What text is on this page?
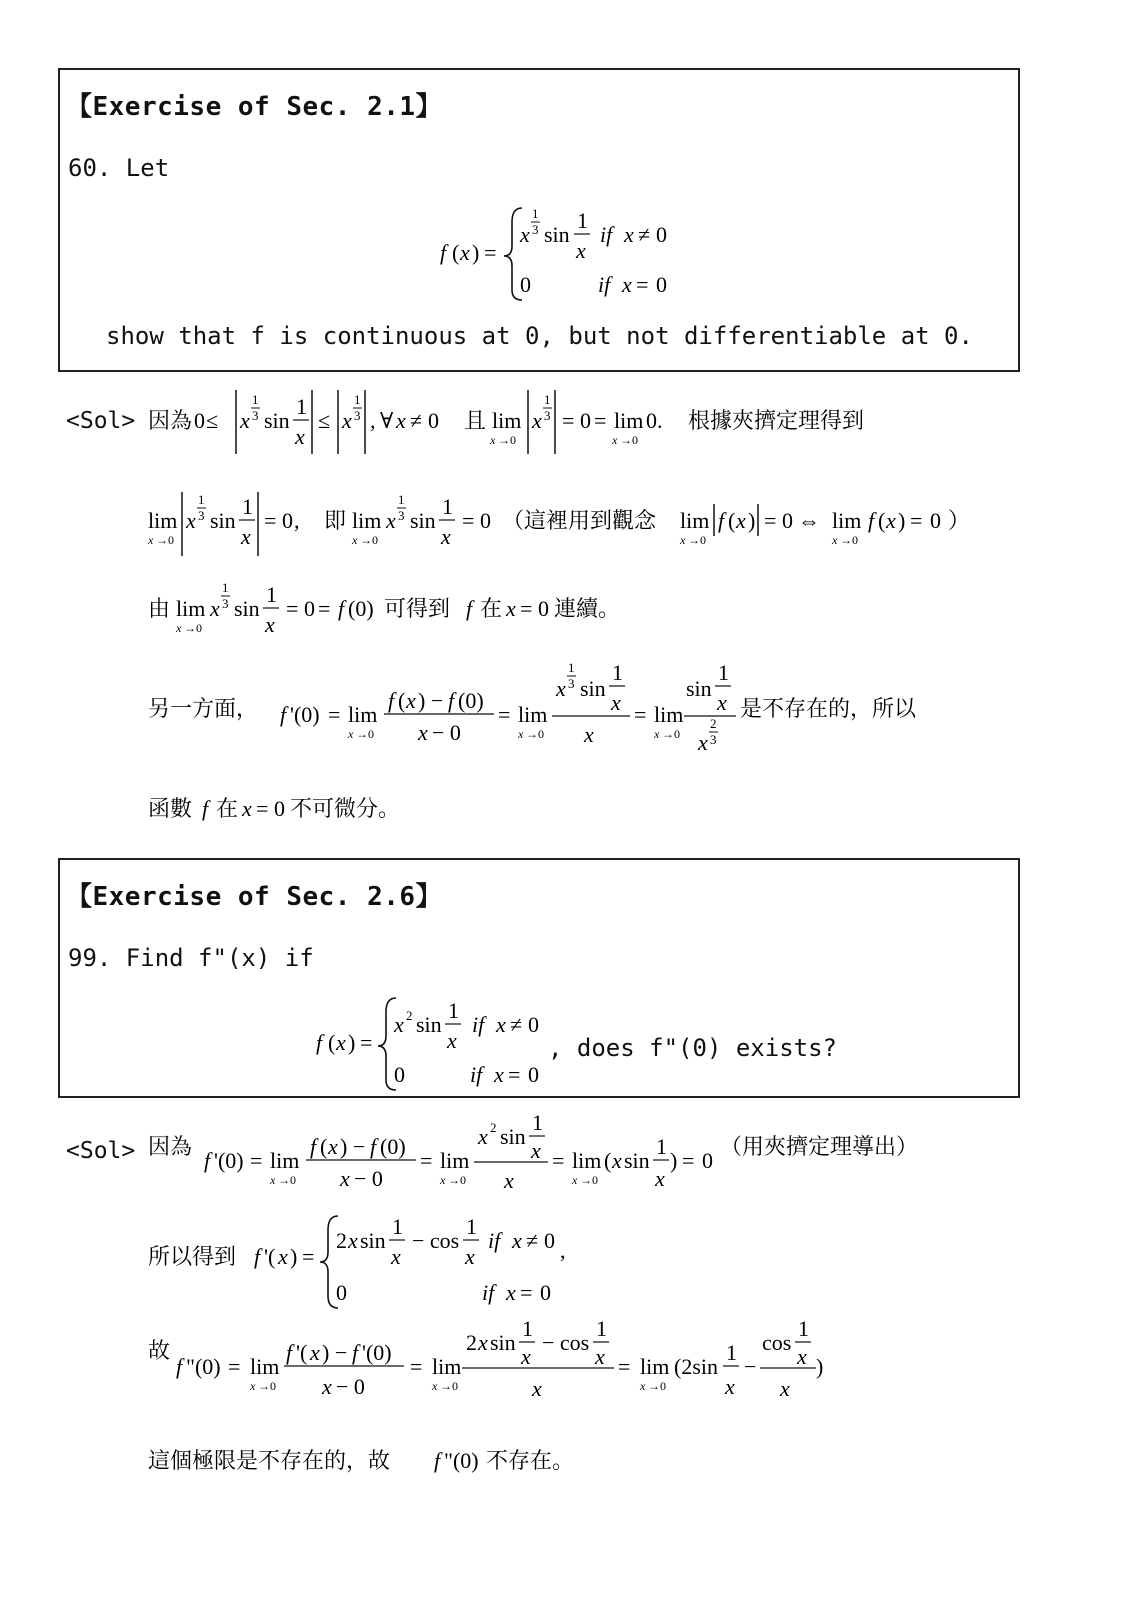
【Exercise of Sec. 2.1】
60. Let
f ( x ) =
x
1
3 sin
1
x
if x ≠ 0
0	if x = 0
show that f is continuous at 0, but not differentiable at 0.
<Sol> 因為 0 ≤ x
1
3 sin
1
x
≤ x
1
3 , ∀ x ≠ 0 且 lim
x →0
x
1
3 = 0 = lim
x →0
0. 根據夾擠定理得到
lim
x →0
x
1
3 sin
1
x
= 0 , 即 lim
x →0
x
1
3 sin
1
x
= 0 （這裡用到觀念 lim
x →0
f ( x ) = 0 ⇔ lim
x →0
f ( x ) = 0 ）
由 lim
x →0
x
1
3 sin
1
x
= 0 = f (0) 可得到 f 在 x = 0 連續。
另一方面， f '(0) = lim
x →0
f ( x ) − f (0)
x − 0
= lim
x →0
x
1
3 sin
1
x
x
= lim
x →0
sin
1
x
x
2
3
是不存在的，所以
函數 f 在 x = 0 不可微分。
【Exercise of Sec. 2.6】
99. Find f"(x) if
f ( x ) =
x 2 sin
1
x
if x ≠ 0
0	if x = 0
, does f"(0) exists?
<Sol> 因為
f '(0) = lim
x →0
f ( x ) − f (0)
x − 0
= lim
x →0
x 2 sin
1
x
x
= lim
x →0
( x sin
1
x
) = 0
（用夾擠定理導出）
所以得到 f '( x ) =
2 x sin
1
x
− cos
1
x
if x ≠ 0 ,
0	if x = 0
故
f "(0) = lim
x →0
f '( x ) − f '(0)
x − 0
= lim
x →0
2 x sin
1
x
− cos
1
x
x
= lim
x →0
(2sin
1
x
−
cos
1
x
x
)
這個極限是不存在的，故 f "(0) 不存在。
